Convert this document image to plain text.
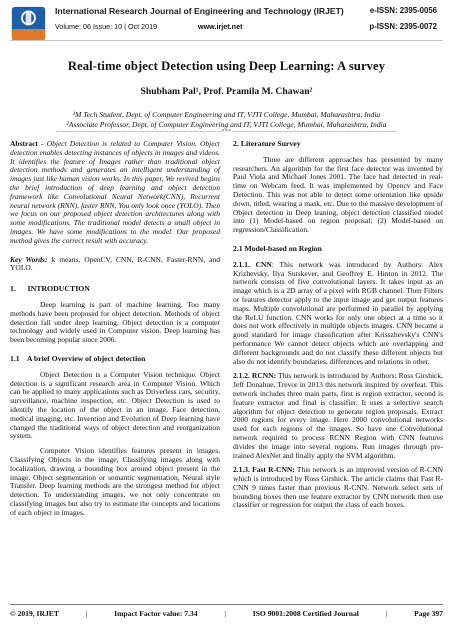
International Research Journal of Engineering and Technology (IRJET)	e-ISSN: 2395-0056
Volume: 06 Issue: 10 | Oct 2019	www.irjet.net	p-ISSN: 2395-0072
Real-time object Detection using Deep Learning: A survey
Shubham Pal¹, Prof. Pramila M. Chawan²
¹M Tech Student, Dept. of Computer Engineering and IT, VJTI College, Mumbai, Maharashtra, India
²Associate Professor, Dept. of Computer Engineering and IT, VJTI College, Mumbai, Maharashtra, India
---------------------------------------------------------------------***---------------------------------------------------------------------
Abstract - Object Detection is related to Computer Vision. Object detection enables detecting instances of objects in images and videos. It identifies the feature of Images rather than traditional object detection methods and generates an intelligent understanding of images just like human vision works. In this paper, We revived begins the brief introduction of deep learning and object detection framework like Convolutional Neural Network(CNN), Recurrent neural network (RNN), faster RNN, You only look once (YOLO). Then we focus on our proposed object detection architectures along with some modifications. The traditional model detects a small object in images. We have some modifications to the model. Our proposed method gives the correct result with accuracy.
Key Words: k means, OpenCV, CNN, R-CNN, Faster-RNN, and YOLO.
1.      INTRODUCTION

Deep learning is part of machine learning. Too many methods have been proposed for object detection. Methods of object detection fall under deep learning. Object detection is a computer technology and widely used in Computer vision. Deep learning has been becoming popular since 2006.

1.1    A brief Overview of object detection

Object Detection is a Computer Vision technique. Object detection is a significant research area in Computer Vision. Which can be applied to many applications such as Driverless cars, security, surveillance, machine inspection, etc. Object Detection is used to identify the location of the object in an image, Face detection, medical imaging, etc. Invention and Evolution of Deep learning have changed the traditional ways of object detection and reorganization system.

Computer Vision identifies features present in images, Classifying Objects in the image, Classifying images along with localization, drawing a bounding box around object present in the image, Object segmentation or semantic segmentation, Neural style Transfer. Deep learning methods are the strongest method for object detection. To understanding images, we not only concentrate on classifying images but also try to estimate the concepts and locations of each object in images.

2. Literature Survey

Three are different approaches has presented by many researchers. An algorithm for the first face detector was invented by Paul Viola and Michael Jones 2001. The face had detected in real-time on Webcam feed. It was implemented by Opencv and Face Detection. This was not able to detect some orientation like upside down, titled, wearing a mask, etc. Due to the massive development of Object detection in Deep leaning, object detection classified model into (1) Model-based on region proposal; (2) Model-based on regression/Classification.

2.1 Model-based on Region

2.1.1. CNN: This network was introduced by Authors: Alex Krizhevsky, Ilya Sutskever, and Geoffrey E. Hinton in 2012. The network consists of five convolutional layers. It takes input as an image which is a 2D array of a pixel with RGB channel. Then Filters or features detector apply to the input image and get output features maps. Multiple convolutional are performed in parallel by applying the ReLU function. CNN works for only one object at a time so it does not work effectively in multiple objects images. CNN became a good standard for image classification after Krisszhevsky's CNN's performance We cannot detect objects which are overlapping and different backgrounds and do not classify these different objects but also do not identify boundaries, differences and relations in other.

2.1.2. RCNN: This network is introduced by Authors: Ross Girshick, Jeff Donahue, Trevor in 2013 this network inspired by overfeat. This network includes three main parts, first is region extractor, second is feature extractor and final is classifier. It uses a selective search algorithm for object detection to generate region proposals. Extract 2000 regions for every image. Here 2000 convolutional networks used for each regions of the images. So have one Convolutional network required to process RCNN Region with CNN features divides the image into several regions. Run images through pre-trained AlexNet and finally apply the SVM algorithm.

2.1.3. Fast R-CNN: This network is an improved version of R-CNN which is introduced by Ross Girshick. The article claims that Fast R-CNN 9 times faster than previous R-CNN. Network select sets of bounding boxes then use feature extractor by CNN network then use classifier or regression for output the class of each boxes.

© 2019, IRJET	|	Impact Factor value: 7.34	|	ISO 9001:2008 Certified Journal	|	Page 397
